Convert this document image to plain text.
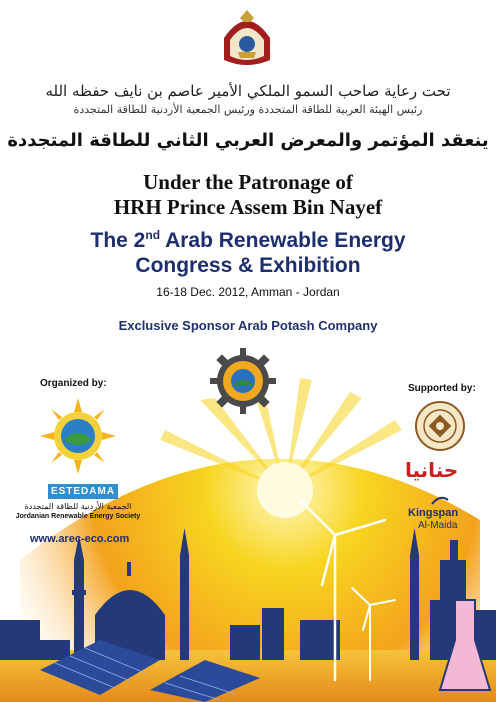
تحت رعاية صاحب السمو الملكي الأمير عاصم بن نايف حفظه الله
رئيس الهيئة العربية للطاقة المتجددة ورئيس الجمعية الأردنية للطاقة المتجددة
ينعقد المؤتمر والمعرض العربي الثاني للطاقة المتجددة
Under the Patronage of
HRH Prince Assem Bin Nayef
The 2nd Arab Renewable Energy
Congress & Exhibition
16-18 Dec. 2012, Amman - Jordan
Exclusive Sponsor Arab Potash Company
Organized by:
ESTEDAMA
الجمعية الأردنية للطاقة المتجددة
Jordanian Renewable Energy Society
www.arec-eco.com
Supported by:
حنانيا
Kingspan
Al-Maida
